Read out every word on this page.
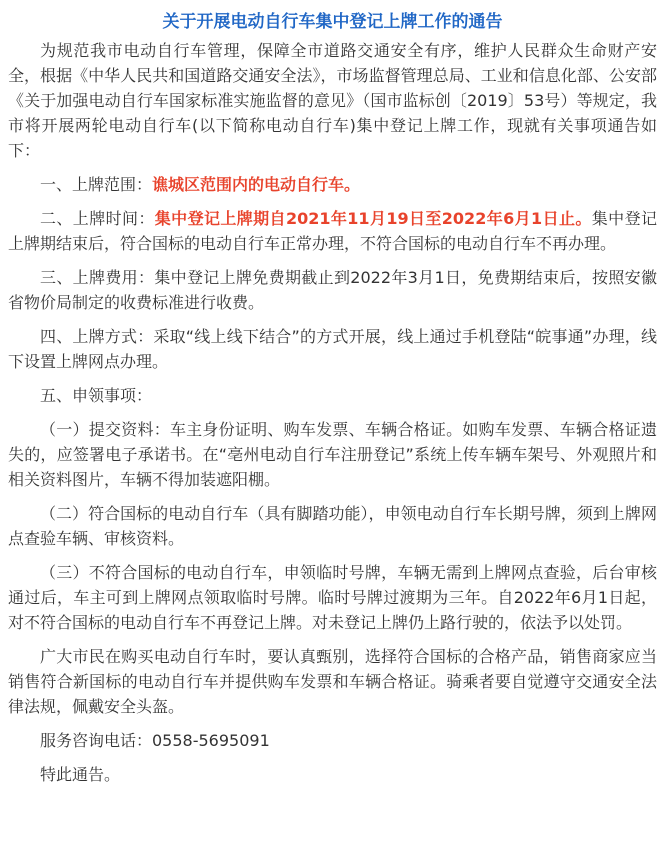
关于开展电动自行车集中登记上牌工作的通告

为规范我市电动自行车管理，保障全市道路交通安全有序，维护人民群众生命财产安全，根据《中华人民共和国道路交通安全法》，市场监督管理总局、工业和信息化部、公安部《关于加强电动自行车国家标准实施监督的意见》（国市监标创〔2019〕53号）等规定，我市将开展两轮电动自行车(以下简称电动自行车)集中登记上牌工作，现就有关事项通告如下：

一、上牌范围：谯城区范围内的电动自行车。

二、上牌时间：集中登记上牌期自2021年11月19日至2022年6月1日止。集中登记上牌期结束后，符合国标的电动自行车正常办理，不符合国标的电动自行车不再办理。

三、上牌费用：集中登记上牌免费期截止到2022年3月1日，免费期结束后，按照安徽省物价局制定的收费标准进行收费。

四、上牌方式：采取“线上线下结合”的方式开展，线上通过手机登陆“皖事通”办理，线下设置上牌网点办理。

五、申领事项：

（一）提交资料：车主身份证明、购车发票、车辆合格证。如购车发票、车辆合格证遗失的，应签署电子承诺书。在“亳州电动自行车注册登记”系统上传车辆车架号、外观照片和相关资料图片，车辆不得加装遮阳棚。

（二）符合国标的电动自行车（具有脚踏功能），申领电动自行车长期号牌，须到上牌网点查验车辆、审核资料。

（三）不符合国标的电动自行车，申领临时号牌，车辆无需到上牌网点查验，后台审核通过后，车主可到上牌网点领取临时号牌。临时号牌过渡期为三年。自2022年6月1日起，对不符合国标的电动自行车不再登记上牌。对未登记上牌仍上路行驶的，依法予以处罚。

广大市民在购买电动自行车时，要认真甄别，选择符合国标的合格产品，销售商家应当销售符合新国标的电动自行车并提供购车发票和车辆合格证。骑乘者要自觉遵守交通安全法律法规，佩戴安全头盔。

服务咨询电话：0558-5695091

特此通告。
